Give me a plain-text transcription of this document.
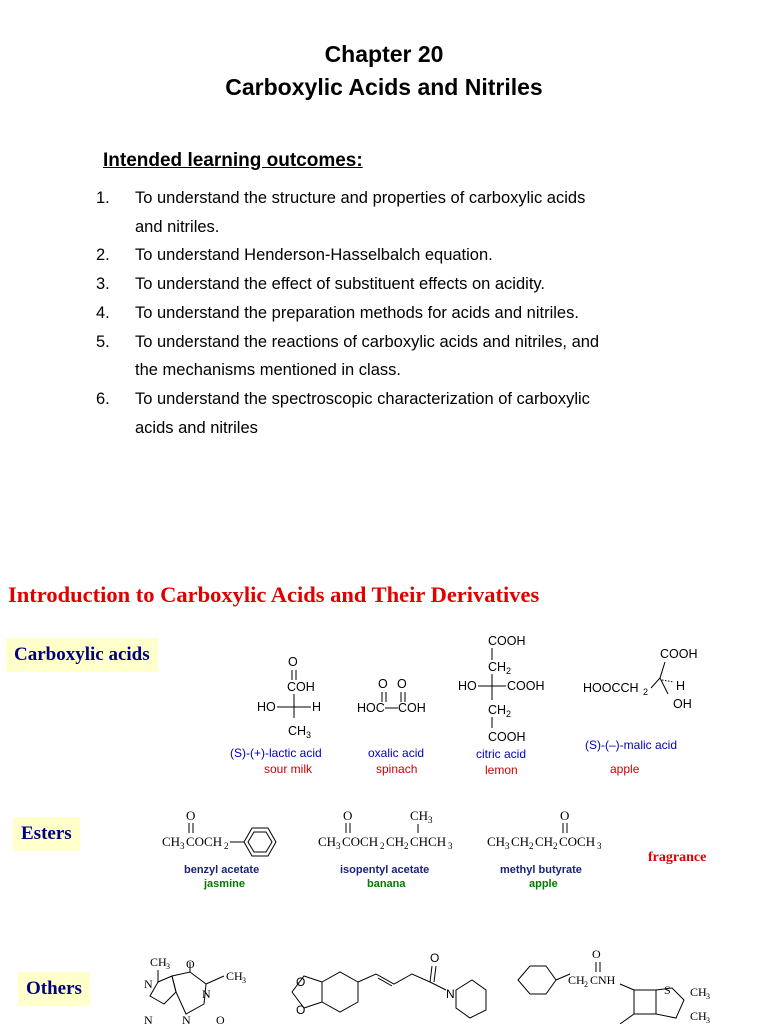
Chapter 20
Carboxylic Acids and Nitriles
Intended learning outcomes:
1.	To understand the structure and properties of carboxylic acids
and nitriles.
2.	To understand Henderson-Hasselbalch equation.
3.	To understand the effect of substituent effects on acidity.
4.	To understand the preparation methods for acids and nitriles.
5.	To understand the reactions of carboxylic acids and nitriles, and
the mechanisms mentioned in class.
6.	To understand the spectroscopic characterization of carboxylic
acids and nitriles
Introduction to Carboxylic Acids and Their Derivatives
Carboxylic acids
Esters
Others
O
COH
HO	H
CH 3
O O
HOC COH
COOH
CH 2
HO COOH
CH 2
COOH
COOH
HOOCCH 2 H
OH
O
CH 3 COCH 2
O	CH 3
CH 3 COCH 2 CH 2 CHCH 3
O
CH 3 CH 2 CH 2 COCH 3
CH 3 O
CH 3
N
N
N N O
O
O
O
N
CH 2 CNH
O
S CH 3
CH 3
(S)-(+)-lactic acid
sour milk
oxalic acid
spinach
citric acid
lemon
(S)-(–)-malic acid
apple
benzyl acetate
jasmine
isopentyl acetate
banana
methyl butyrate
apple
fragrance
